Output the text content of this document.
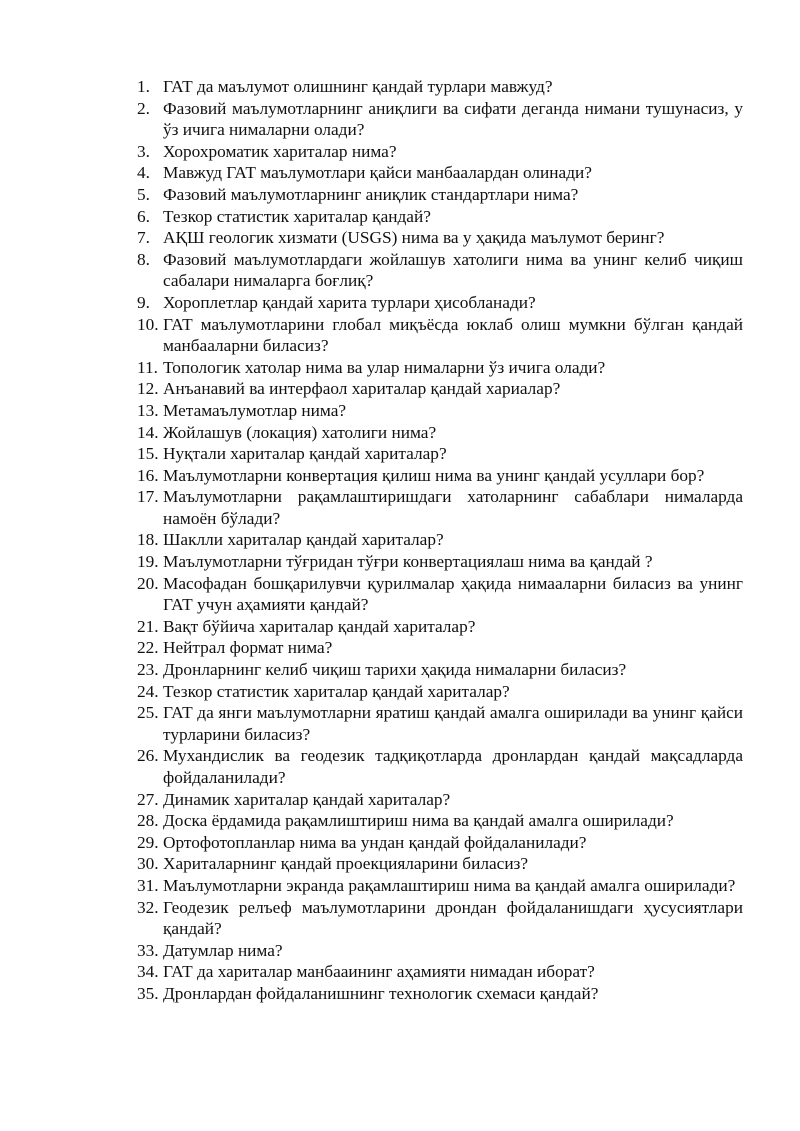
1. ГАТ да маълумот олишнинг қандай турлари мавжуд?
2. Фазовий маълумотларнинг аниқлиги ва сифати деганда нимани тушунасиз, у ўз ичига нималарни олади?
3. Хорохроматик хариталар нима?
4. Мавжуд ГАТ маълумотлари қайси манбаалардан олинади?
5. Фазовий маълумотларнинг аниқлик стандартлари нима?
6. Тезкор статистик хариталар қандай?
7. АҚШ геологик хизмати (USGS) нима ва у ҳақида маълумот беринг?
8. Фазовий маълумотлардаги жойлашув хатолиги нима ва унинг келиб чиқиш сабалари нималарга боғлиқ?
9. Хороплетлар қандай харита турлари ҳисобланади?
10. ГАТ маълумотларини глобал миқъёсда юклаб олиш мумкни бўлган қандай манбааларни биласиз?
11. Топологик хатолар нима ва улар нималарни ўз ичига олади?
12. Анъанавий ва интерфаол хариталар қандай хариалар?
13. Метамаълумотлар нима?
14. Жойлашув (локация) хатолиги нима?
15. Нуқтали хариталар қандай хариталар?
16. Маълумотларни конвертация қилиш нима ва унинг қандай усуллари бор?
17. Маълумотларни рақамлаштиришдаги хатоларнинг сабаблари нималарда намоён бўлади?
18. Шаклли хариталар қандай хариталар?
19. Маълумотларни тўғридан тўғри конвертациялаш нима ва қандай ?
20. Масофадан бошқарилувчи қурилмалар ҳақида нимааларни биласиз ва унинг ГАТ учун аҳамияти қандай?
21. Вақт бўйича хариталар қандай хариталар?
22. Нейтрал формат нима?
23. Дронларнинг келиб чиқиш тарихи ҳақида нималарни биласиз?
24. Тезкор статистик хариталар қандай хариталар?
25. ГАТ да янги маълумотларни яратиш қандай амалга оширилади ва унинг қайси турларини биласиз?
26. Мухандислик ва геодезик тадқиқотларда дронлардан қандай мақсадларда фойдаланилади?
27. Динамик хариталар қандай хариталар?
28. Доска ёрдамида рақамлиштириш нима ва қандай амалга оширилади?
29. Ортофотопланлар нима ва ундан қандай фойдаланилади?
30. Хариталарнинг қандай проекцияларини биласиз?
31. Маълумотларни экранда рақамлаштириш нима ва қандай амалга оширилади?
32. Геодезик релъеф маълумотларини дрондан фойдаланишдаги ҳусусиятлари қандай?
33. Датумлар нима?
34. ГАТ да хариталар манбааининг аҳамияти нимадан иборат?
35. Дронлардан фойдаланишнинг технологик схемаси қандай?
